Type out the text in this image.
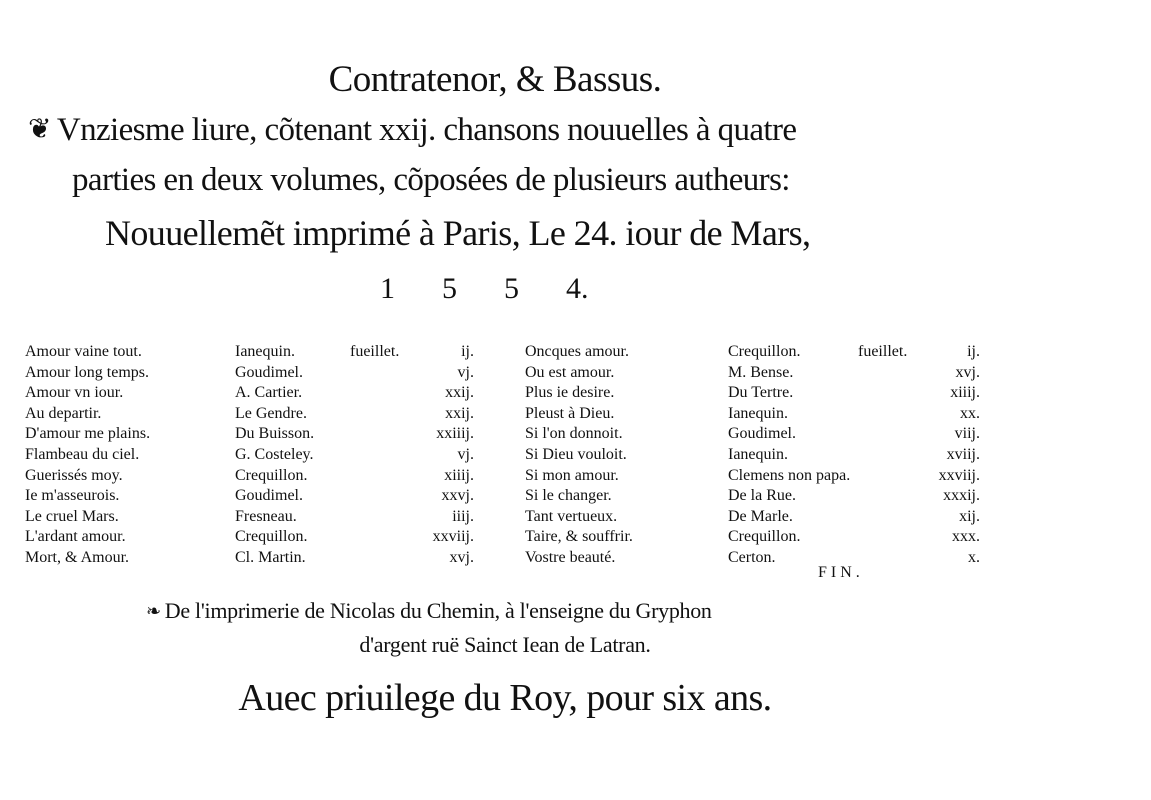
Contratenor, & Bassus.
❦ Vnziesme liure, cõtenant xxij. chansons nouuelles à quatre
parties en deux volumes, cõposées de plusieurs autheurs:
Nouuellemẽt imprimé à Paris, Le 24. iour de Mars,
1 5 5 4.
Amour vaine tout.	Ianequin.	fueillet.	ij.
Amour long temps.	Goudimel.	vj.
Amour vn iour.	A. Cartier.	xxij.
Au departir.	Le Gendre.	xxij.
D'amour me plains.	Du Buisson.	xxiiij.
Flambeau du ciel.	G. Costeley.	vj.
Guerissés moy.	Crequillon.	xiiij.
Ie m'asseurois.	Goudimel.	xxvj.
Le cruel Mars.	Fresneau.	iiij.
L'ardant amour.	Crequillon.	xxviij.
Mort, & Amour.	Cl. Martin.	xvj.
Oncques amour.	Crequillon.	fueillet.	ij.
Ou est amour.	M. Bense.	xvj.
Plus ie desire.	Du Tertre.	xiiij.
Pleust à Dieu.	Ianequin.	xx.
Si l'on donnoit.	Goudimel.	viij.
Si Dieu vouloit.	Ianequin.	xviij.
Si mon amour.	Clemens non papa.	xxviij.
Si le changer.	De la Rue.	xxxij.
Tant vertueux.	De Marle.	xij.
Taire, & souffrir.	Crequillon.	xxx.
Vostre beauté.	Certon.	x.
FIN.
❧ De l'imprimerie de Nicolas du Chemin, à l'enseigne du Gryphon
d'argent ruë Sainct Iean de Latran.
Auec priuilege du Roy, pour six ans.
